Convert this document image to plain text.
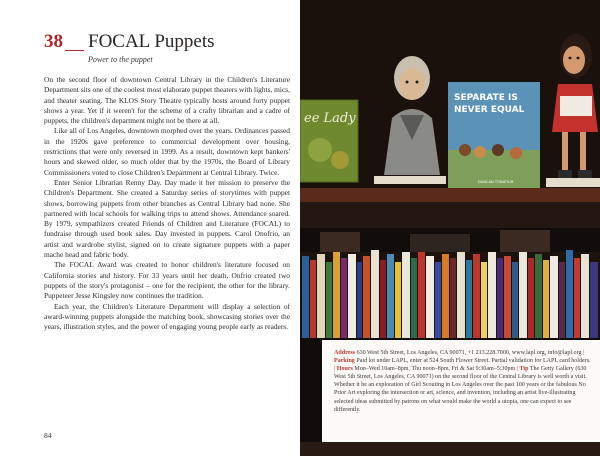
38 FOCAL Puppets
Power to the puppet

On the second floor of downtown Central Library in the Children's Literature Department sits one of the coolest most elaborate puppet theaters with lights, mics, and theater seating. The KLOS Story Theatre typically hosts around forty puppet shows a year. Yet if it weren't for the scheme of a crafty librarian and a cadre of puppets, the children's department might not be there at all.

Like all of Los Angeles, downtown morphed over the years. Ordinances passed in the 1920s gave preference to commercial development over housing, restrictions that were only reversed in 1999. As a result, downtown kept bankers' hours and skewed older, so much older that by the 1970s, the Board of Library Commissioners voted to close Children's Department at Central Library. Twice.

Enter Senior Librarian Renny Day. Day made it her mission to preserve the Children's Department. She created a Saturday series of storytimes with puppet shows, borrowing puppets from other branches as Central Library had none. She partnered with local schools for walking trips to attend shows. Attendance soared. By 1979, sympathizers created Friends of Children and Literature (FOCAL) to fundraise through used book sales. Day invested in puppets. Carol Onofrio, an artist and wardrobe stylist, signed on to create signature puppets with a paper mache head and fabric body.

The FOCAL Award was created to honor children's literature focused on California stories and history. For 33 years until her death, Onfrio created two puppets of the story's protagonist – one for the recipient, the other for the library. Puppeteer Jesse Kingsley now continues the tradition.

Each year, the Children's Literature Department will display a selection of award-winning puppets alongside the matching book, showcasing stories over the years, illustration styles, and the power of engaging young people early as readers.

84
ee Lady
SEPARATE IS
NEVER EQUAL
DUNCAN TONATIUH
Address 630 West 5th Street, Los Angeles, CA 90071, +1 213.228.7000, www.lapl.org, info@lapl.org | Parking Paid lot under LAPL, enter at 524 South Flower Street. Partial validation for LAPL card holders. | Hours Mon–Wed 10am–8pm, Thu noon–8pm, Fri & Sat 9:30am–5:30pm | Tip The Getty Gallery (630 West 5th Street, Los Angeles, CA 90071) on the second floor of the Central Library is well worth a visit. Whether it be an exploration of Girl Scouting in Los Angeles over the past 100 years or the fabulous No Prior Art exploring the intersection or art, science, and invention, including an artist live-illustrating selected ideas submitted by patrons on what would make the world a utopia, one can expect to see differently.
